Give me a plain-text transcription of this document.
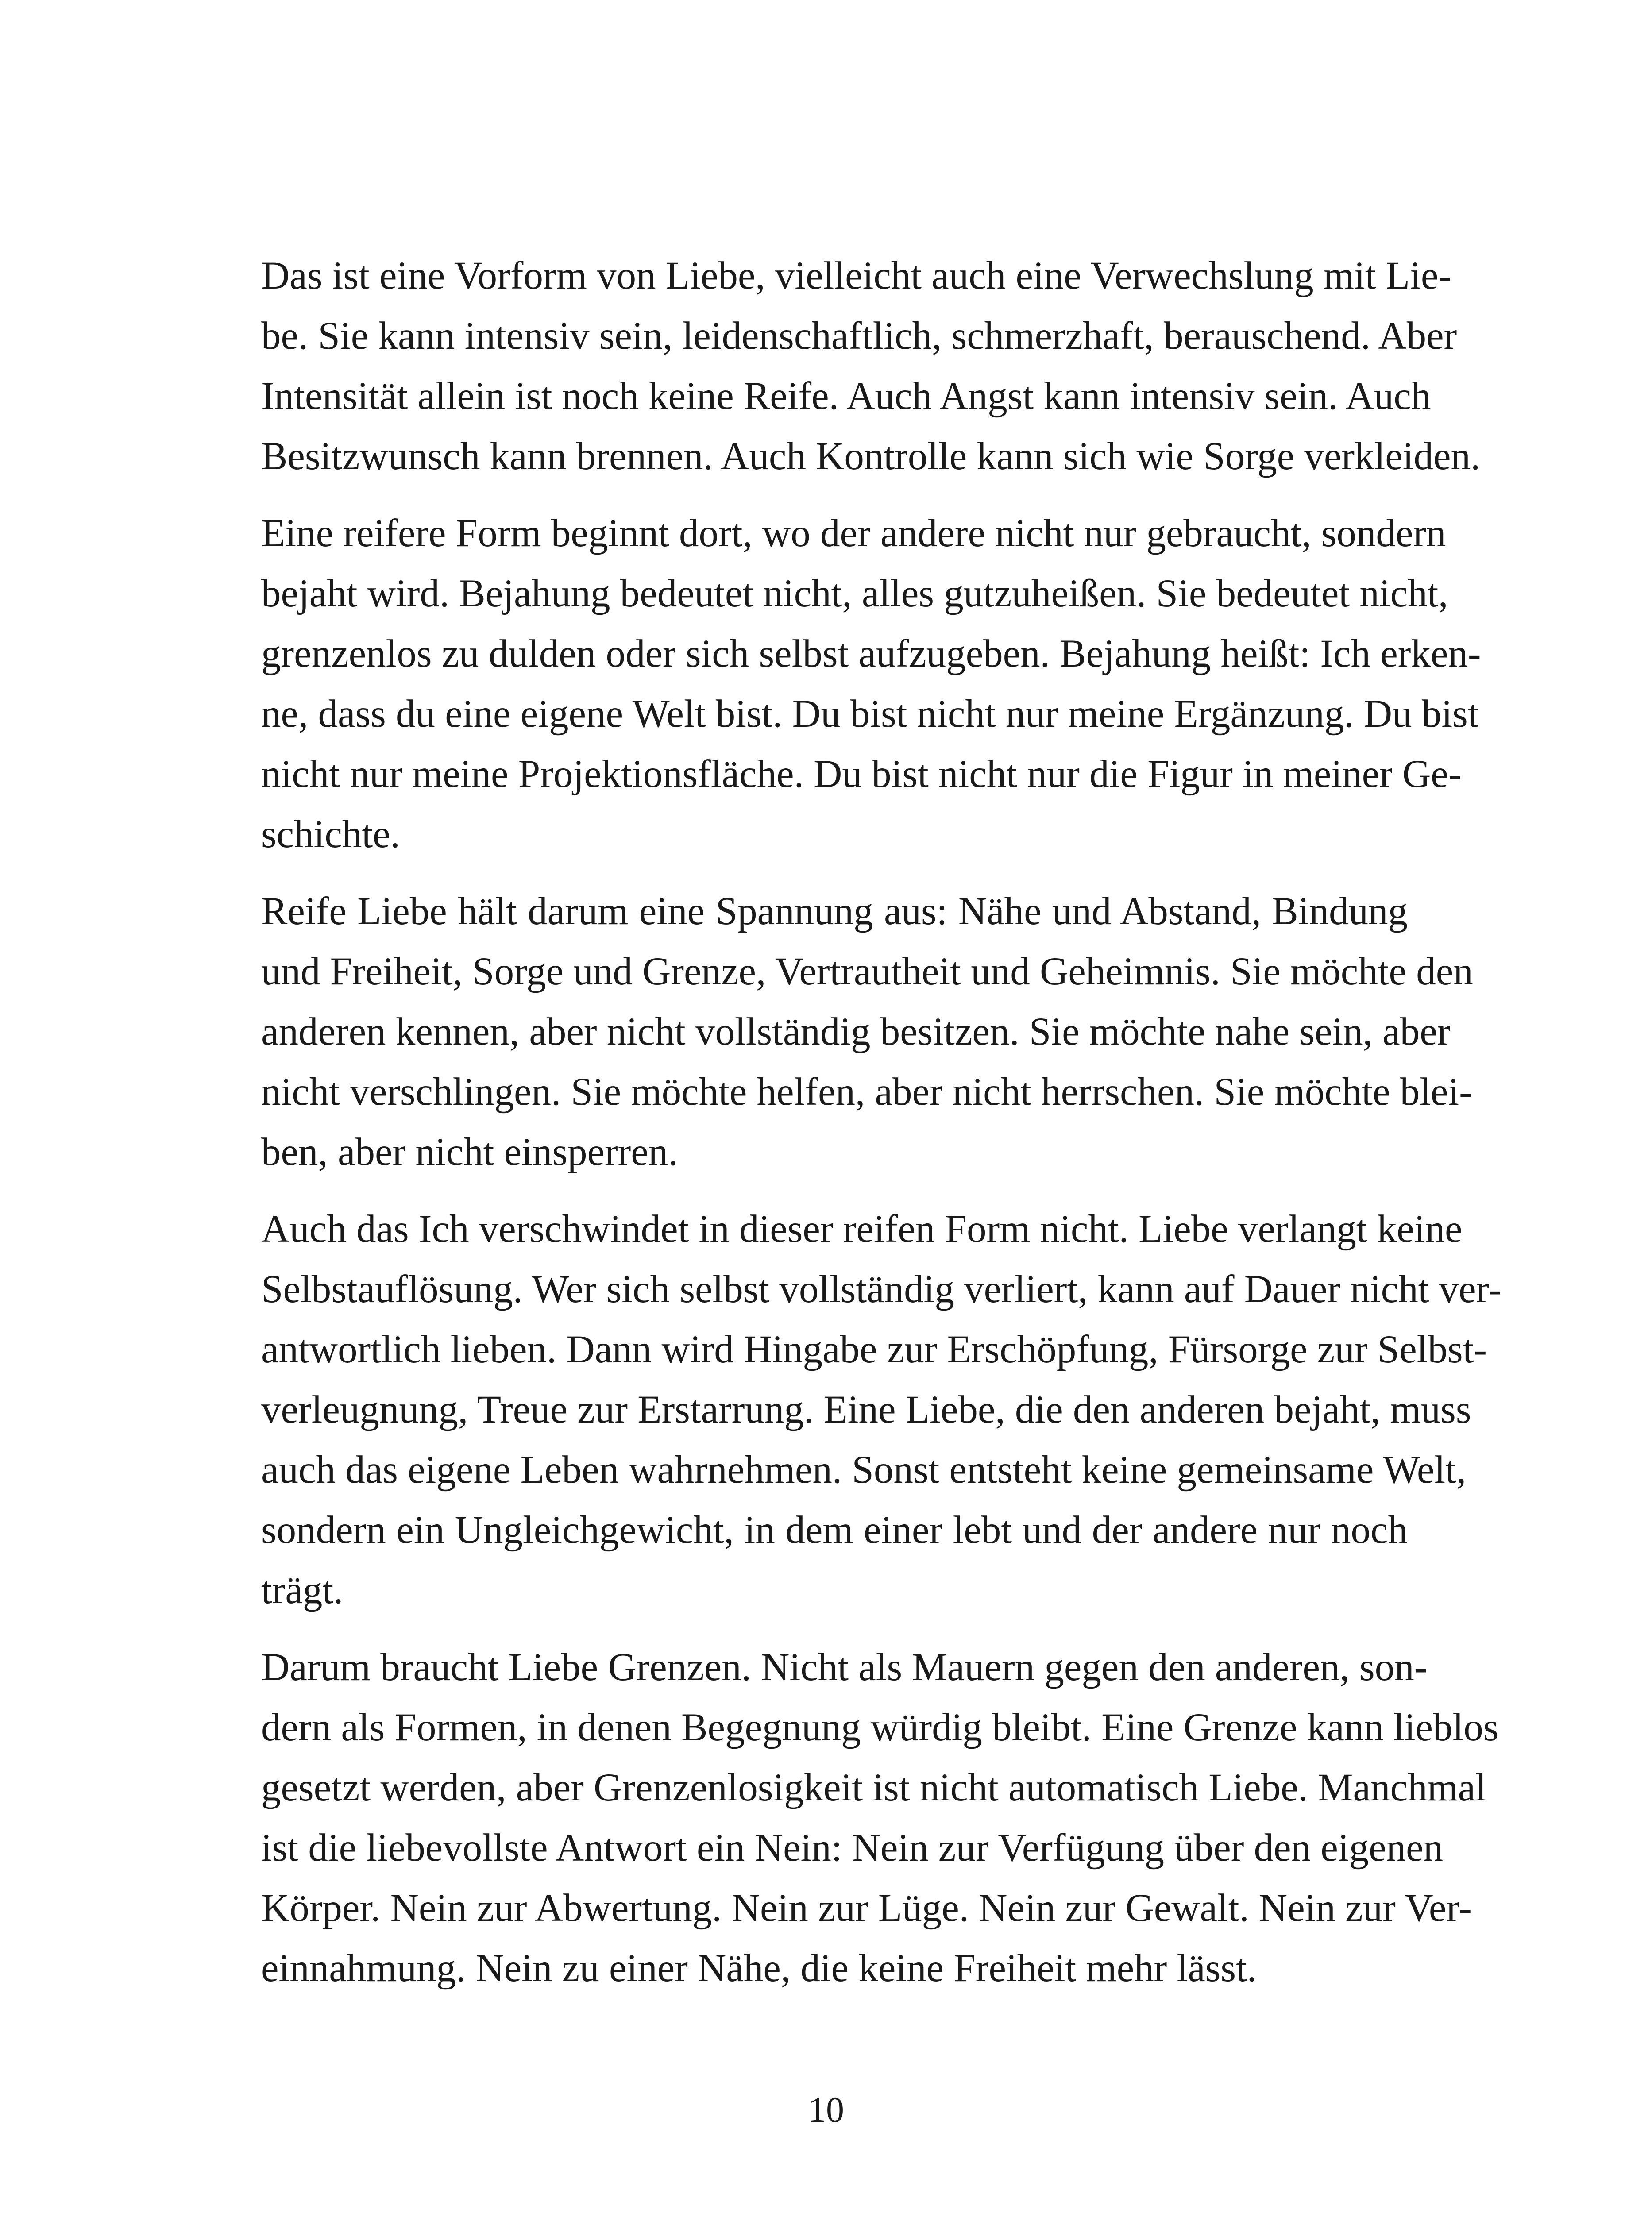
Das ist eine Vorform von Liebe, vielleicht auch eine Verwechslung mit Lie-
be. Sie kann intensiv sein, leidenschaftlich, schmerzhaft, berauschend. Aber
Intensität allein ist noch keine Reife. Auch Angst kann intensiv sein. Auch
Besitzwunsch kann brennen. Auch Kontrolle kann sich wie Sorge verkleiden.

Eine reifere Form beginnt dort, wo der andere nicht nur gebraucht, sondern
bejaht wird. Bejahung bedeutet nicht, alles gutzuheißen. Sie bedeutet nicht,
grenzenlos zu dulden oder sich selbst aufzugeben. Bejahung heißt: Ich erken-
ne, dass du eine eigene Welt bist. Du bist nicht nur meine Ergänzung. Du bist
nicht nur meine Projektionsfläche. Du bist nicht nur die Figur in meiner Ge-
schichte.

Reife Liebe hält darum eine Spannung aus: Nähe und Abstand, Bindung
und Freiheit, Sorge und Grenze, Vertrautheit und Geheimnis. Sie möchte den
anderen kennen, aber nicht vollständig besitzen. Sie möchte nahe sein, aber
nicht verschlingen. Sie möchte helfen, aber nicht herrschen. Sie möchte blei-
ben, aber nicht einsperren.

Auch das Ich verschwindet in dieser reifen Form nicht. Liebe verlangt keine
Selbstauflösung. Wer sich selbst vollständig verliert, kann auf Dauer nicht ver-
antwortlich lieben. Dann wird Hingabe zur Erschöpfung, Fürsorge zur Selbst-
verleugnung, Treue zur Erstarrung. Eine Liebe, die den anderen bejaht, muss
auch das eigene Leben wahrnehmen. Sonst entsteht keine gemeinsame Welt,
sondern ein Ungleichgewicht, in dem einer lebt und der andere nur noch
trägt.

Darum braucht Liebe Grenzen. Nicht als Mauern gegen den anderen, son-
dern als Formen, in denen Begegnung würdig bleibt. Eine Grenze kann lieblos
gesetzt werden, aber Grenzenlosigkeit ist nicht automatisch Liebe. Manchmal
ist die liebevollste Antwort ein Nein: Nein zur Verfügung über den eigenen
Körper. Nein zur Abwertung. Nein zur Lüge. Nein zur Gewalt. Nein zur Ver-
einnahmung. Nein zu einer Nähe, die keine Freiheit mehr lässt.

10
